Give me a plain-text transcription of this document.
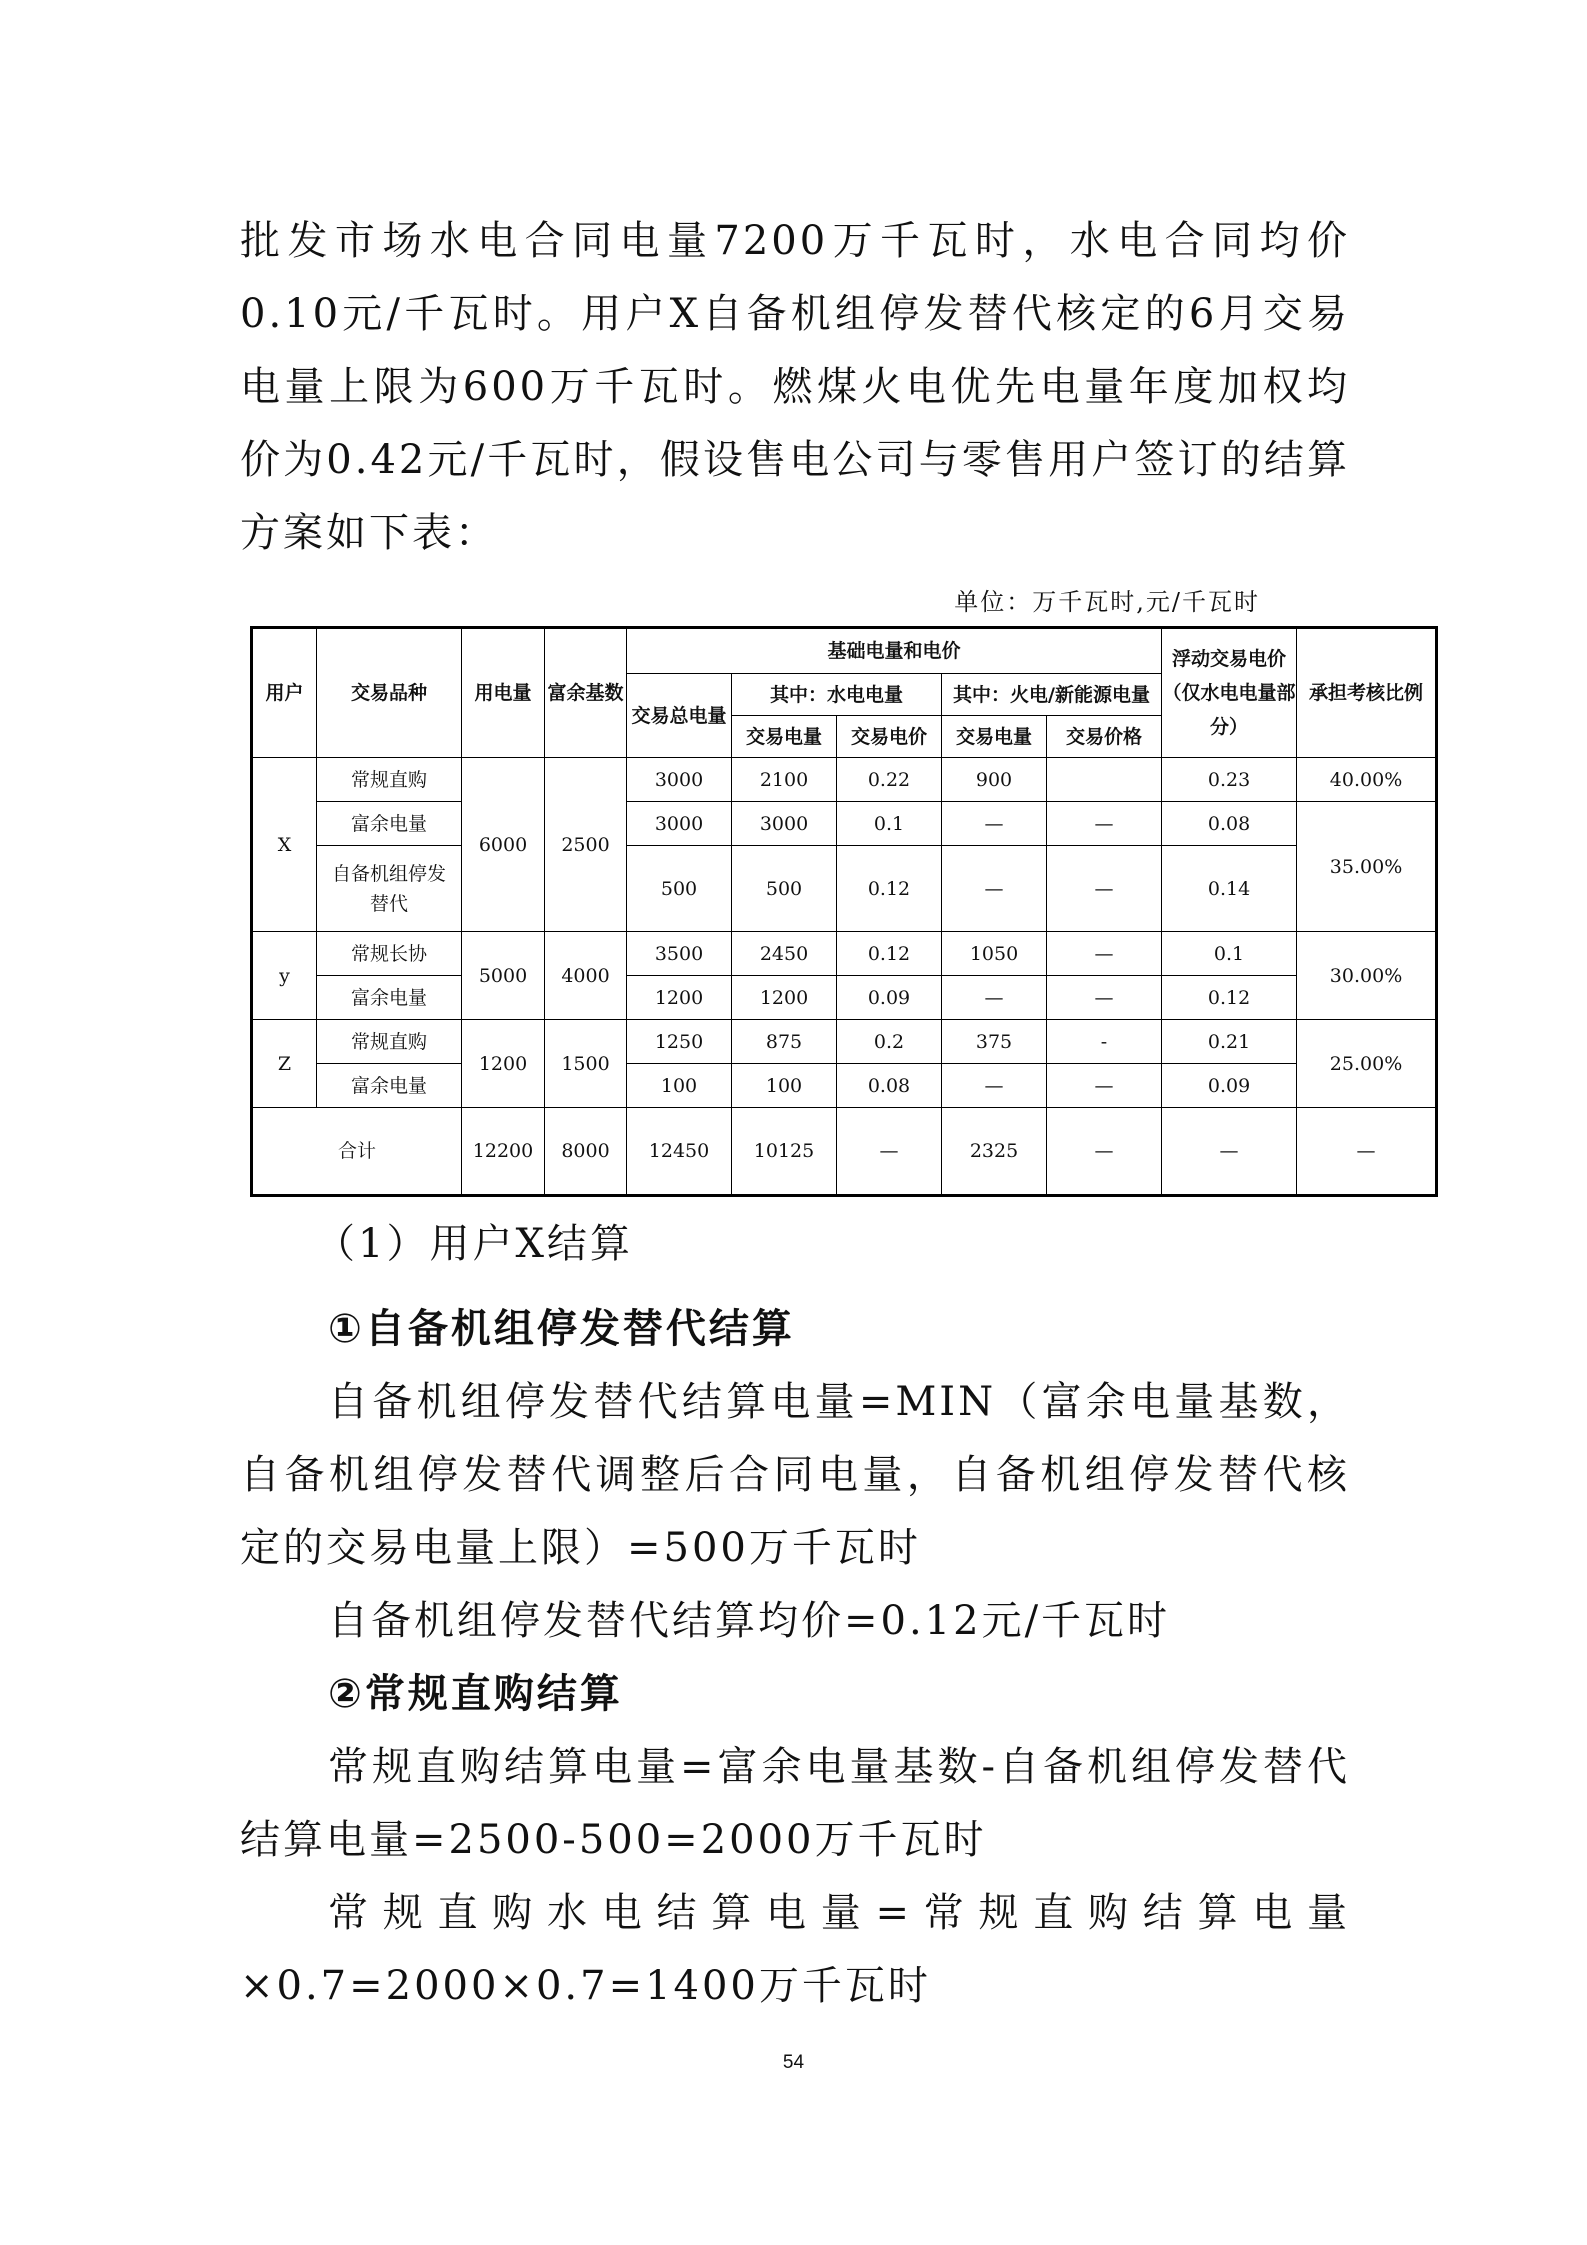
批发市场水电合同电量7200万千瓦时，水电合同均价0.10元/千瓦时。用户X自备机组停发替代核定的6月交易电量上限为600万千瓦时。燃煤火电优先电量年度加权均价为0.42元/千瓦时，假设售电公司与零售用户签订的结算方案如下表：

单位：万千瓦时,元/千瓦时
用户	交易品种	用电量	富余基数	基础电量和电价					浮动交易电价（仅水电电量部分）	承担考核比例
				交易总电量	其中：水电电量		其中：火电/新能源电量			
					交易电量	交易电价	交易电量	交易价格		
X	常规直购	6000	2500	3000	2100	0.22	900		0.23	40.00%
	富余电量			3000	3000	0.1	—	—	0.08	35.00%
	自备机组停发替代			500	500	0.12	—	—	0.14	
y	常规长协	5000	4000	3500	2450	0.12	1050	—	0.1	30.00%
	富余电量			1200	1200	0.09	—	—	0.12	
Z	常规直购	1200	1500	1250	875	0.2	375	-	0.21	25.00%
	富余电量			100	100	0.08	—	—	0.09	
合计		12200	8000	12450	10125	—	2325	—	—	—

（1）用户X结算

①自备机组停发替代结算

自备机组停发替代结算电量=MIN（富余电量基数，自备机组停发替代调整后合同电量，自备机组停发替代核定的交易电量上限）=500万千瓦时

自备机组停发替代结算均价=0.12元/千瓦时

②常规直购结算

常规直购结算电量=富余电量基数-自备机组停发替代结算电量=2500-500=2000万千瓦时

常规直购水电结算电量=常规直购结算电量×0.7=2000×0.7=1400万千瓦时

54
